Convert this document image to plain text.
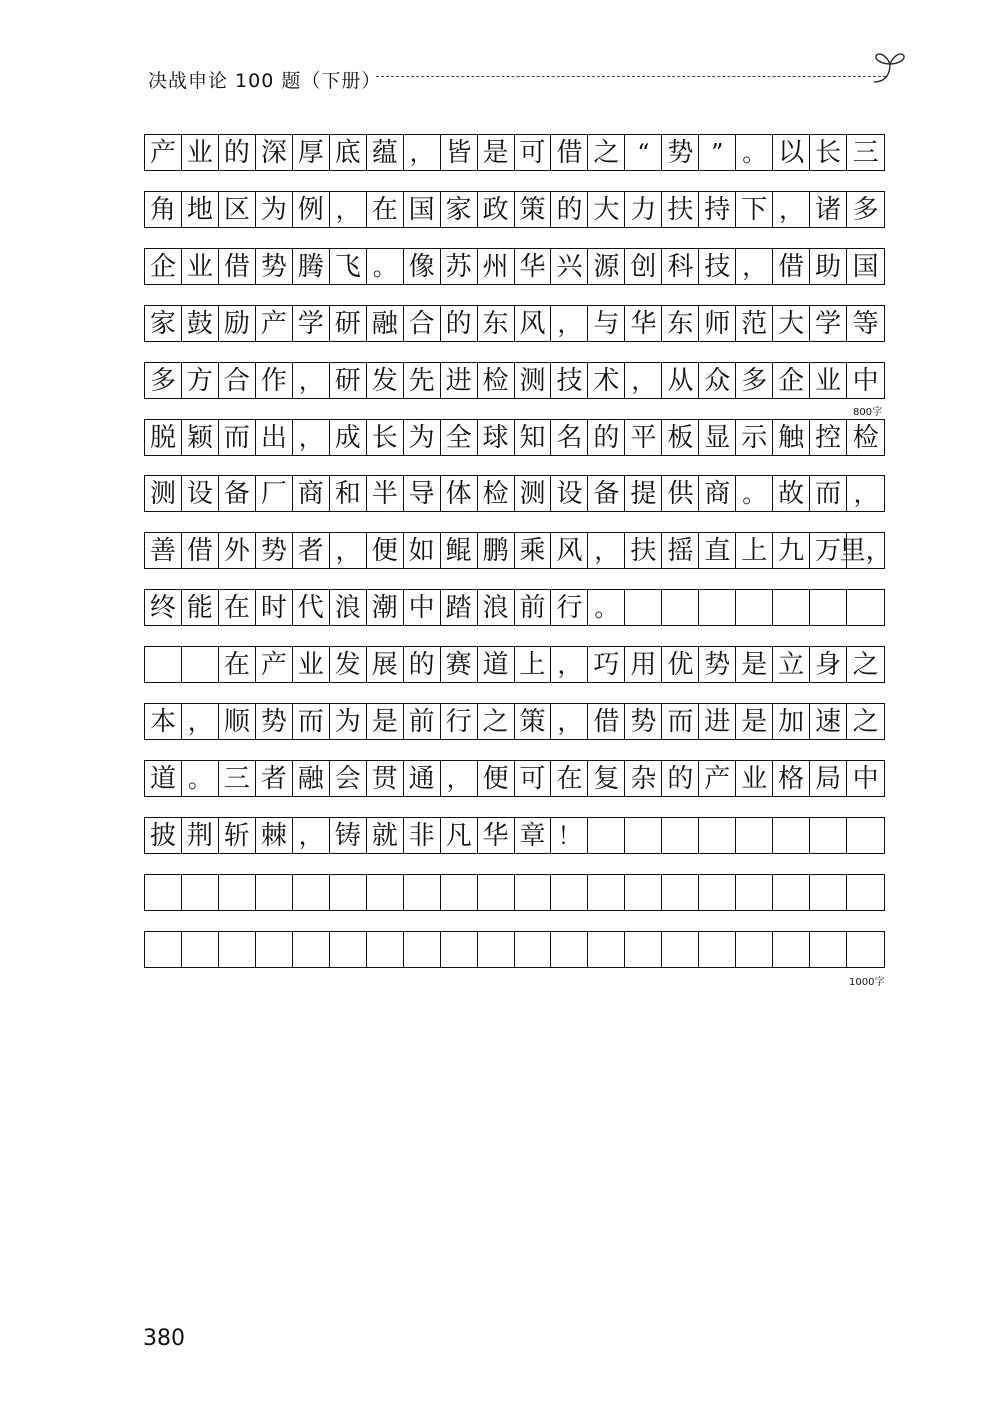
决战申论 100 题（下册）
产 业 的 深 厚 底 蕴 ， 皆 是 可 借 之 “ 势 ” 。 以 长 三
角 地 区 为 例 ， 在 国 家 政 策 的 大 力 扶 持 下 ， 诸 多
企 业 借 势 腾 飞 。 像 苏 州 华 兴 源 创 科 技 ， 借 助 国
家 鼓 励 产 学 研 融 合 的 东 风 ， 与 华 东 师 范 大 学 等
多 方 合 作 ， 研 发 先 进 检 测 技 术 ， 从 众 多 企 业 中
脱 颖 而 出 ， 成 长 为 全 球 知 名 的 平 板 显 示 触 控 检
测 设 备 厂 商 和 半 导 体 检 测 设 备 提 供 商 。 故 而 ，
善 借 外 势 者 ， 便 如 鲲 鹏 乘 风 ， 扶 摇 直 上 九 万
里，
终 能 在 时 代 浪 潮 中 踏 浪 前 行 。
在 产 业 发 展 的 赛 道 上 ， 巧 用 优 势 是 立 身 之
本 ， 顺 势 而 为 是 前 行 之 策 ， 借 势 而 进 是 加 速 之
道 。 三 者 融 会 贯 通 ， 便 可 在 复 杂 的 产 业 格 局 中
披 荆 斩 棘 ， 铸 就 非 凡 华 章 ！
800字
1000字
380
